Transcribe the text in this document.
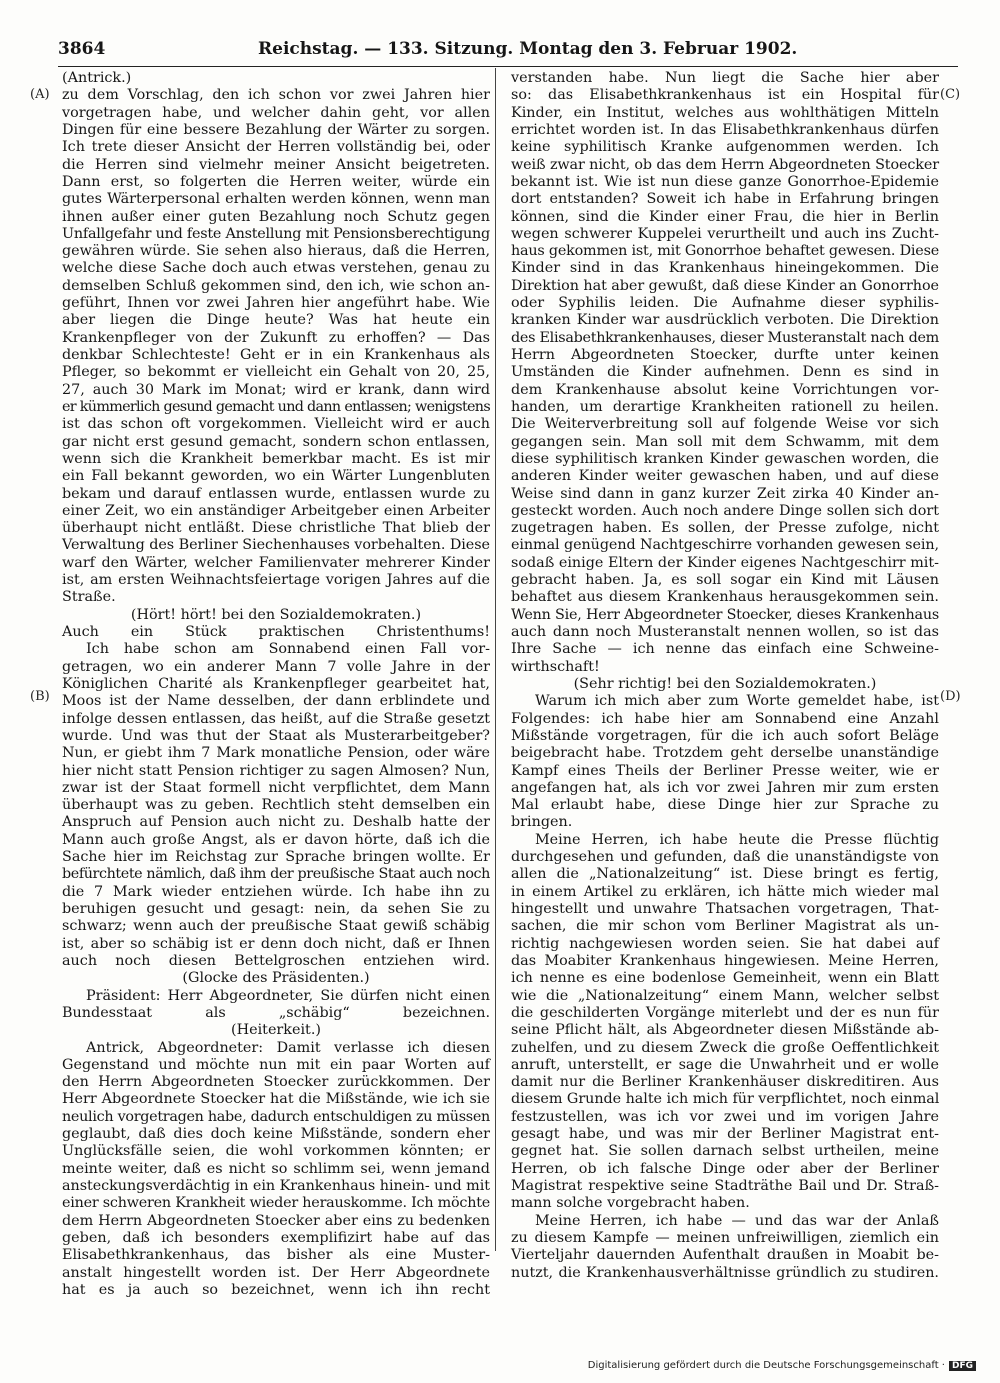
3864	Reichstag. — 133. Sitzung. Montag den 3. Februar 1902.
(A)
(B)
(C)
(D)
(Antrick.)
zu dem Vorschlag, den ich schon vor zwei Jahren hier
vorgetragen habe, und welcher dahin geht, vor allen
Dingen für eine bessere Bezahlung der Wärter zu sorgen.
Ich trete dieser Ansicht der Herren vollständig bei, oder
die Herren sind vielmehr meiner Ansicht beigetreten.
Dann erst, so folgerten die Herren weiter, würde ein
gutes Wärterpersonal erhalten werden können, wenn man
ihnen außer einer guten Bezahlung noch Schutz gegen
Unfallgefahr und feste Anstellung mit Pensionsberechtigung
gewähren würde. Sie sehen also hieraus, daß die Herren,
welche diese Sache doch auch etwas verstehen, genau zu
demselben Schluß gekommen sind, den ich, wie schon an-
geführt, Ihnen vor zwei Jahren hier angeführt habe. Wie
aber liegen die Dinge heute? Was hat heute ein
Krankenpfleger von der Zukunft zu erhoffen? — Das
denkbar Schlechteste! Geht er in ein Krankenhaus als
Pfleger, so bekommt er vielleicht ein Gehalt von 20, 25,
27, auch 30 Mark im Monat; wird er krank, dann wird
er kümmerlich gesund gemacht und dann entlassen; wenigstens
ist das schon oft vorgekommen. Vielleicht wird er auch
gar nicht erst gesund gemacht, sondern schon entlassen,
wenn sich die Krankheit bemerkbar macht. Es ist mir
ein Fall bekannt geworden, wo ein Wärter Lungenbluten
bekam und darauf entlassen wurde, entlassen wurde zu
einer Zeit, wo ein anständiger Arbeitgeber einen Arbeiter
überhaupt nicht entläßt. Diese christliche That blieb der
Verwaltung des Berliner Siechenhauses vorbehalten. Diese
warf den Wärter, welcher Familienvater mehrerer Kinder
ist, am ersten Weihnachtsfeiertage vorigen Jahres auf die
Straße.
(Hört! hört! bei den Sozialdemokraten.)
Auch ein Stück praktischen Christenthums!
Ich habe schon am Sonnabend einen Fall vor-
getragen, wo ein anderer Mann 7 volle Jahre in der
Königlichen Charité als Krankenpfleger gearbeitet hat,
Moos ist der Name desselben, der dann erblindete und
infolge dessen entlassen, das heißt, auf die Straße gesetzt
wurde. Und was thut der Staat als Musterarbeitgeber?
Nun, er giebt ihm 7 Mark monatliche Pension, oder wäre
hier nicht statt Pension richtiger zu sagen Almosen? Nun,
zwar ist der Staat formell nicht verpflichtet, dem Mann
überhaupt was zu geben. Rechtlich steht demselben ein
Anspruch auf Pension auch nicht zu. Deshalb hatte der
Mann auch große Angst, als er davon hörte, daß ich die
Sache hier im Reichstag zur Sprache bringen wollte. Er
befürchtete nämlich, daß ihm der preußische Staat auch noch
die 7 Mark wieder entziehen würde. Ich habe ihn zu
beruhigen gesucht und gesagt: nein, da sehen Sie zu
schwarz; wenn auch der preußische Staat gewiß schäbig
ist, aber so schäbig ist er denn doch nicht, daß er Ihnen
auch noch diesen Bettelgroschen entziehen wird.
(Glocke des Präsidenten.)
Präsident: Herr Abgeordneter, Sie dürfen nicht einen
Bundesstaat als „schäbig“ bezeichnen.
(Heiterkeit.)
Antrick, Abgeordneter: Damit verlasse ich diesen
Gegenstand und möchte nun mit ein paar Worten auf
den Herrn Abgeordneten Stoecker zurückkommen. Der
Herr Abgeordnete Stoecker hat die Mißstände, wie ich sie
neulich vorgetragen habe, dadurch entschuldigen zu müssen
geglaubt, daß dies doch keine Mißstände, sondern eher
Unglücksfälle seien, die wohl vorkommen könnten; er
meinte weiter, daß es nicht so schlimm sei, wenn jemand
ansteckungsverdächtig in ein Krankenhaus hinein- und mit
einer schweren Krankheit wieder herauskomme. Ich möchte
dem Herrn Abgeordneten Stoecker aber eins zu bedenken
geben, daß ich besonders exemplifizirt habe auf das
Elisabethkrankenhaus, das bisher als eine Muster-
anstalt hingestellt worden ist. Der Herr Abgeordnete
hat es ja auch so bezeichnet, wenn ich ihn recht
verstanden habe. Nun liegt die Sache hier aber
so: das Elisabethkrankenhaus ist ein Hospital für
Kinder, ein Institut, welches aus wohlthätigen Mitteln
errichtet worden ist. In das Elisabethkrankenhaus dürfen
keine syphilitisch Kranke aufgenommen werden. Ich
weiß zwar nicht, ob das dem Herrn Abgeordneten Stoecker
bekannt ist. Wie ist nun diese ganze Gonorrhoe-Epidemie
dort entstanden? Soweit ich habe in Erfahrung bringen
können, sind die Kinder einer Frau, die hier in Berlin
wegen schwerer Kuppelei verurtheilt und auch ins Zucht-
haus gekommen ist, mit Gonorrhoe behaftet gewesen. Diese
Kinder sind in das Krankenhaus hineingekommen. Die
Direktion hat aber gewußt, daß diese Kinder an Gonorrhoe
oder Syphilis leiden. Die Aufnahme dieser syphilis-
kranken Kinder war ausdrücklich verboten. Die Direktion
des Elisabethkrankenhauses, dieser Musteranstalt nach dem
Herrn Abgeordneten Stoecker, durfte unter keinen
Umständen die Kinder aufnehmen. Denn es sind in
dem Krankenhause absolut keine Vorrichtungen vor-
handen, um derartige Krankheiten rationell zu heilen.
Die Weiterverbreitung soll auf folgende Weise vor sich
gegangen sein. Man soll mit dem Schwamm, mit dem
diese syphilitisch kranken Kinder gewaschen worden, die
anderen Kinder weiter gewaschen haben, und auf diese
Weise sind dann in ganz kurzer Zeit zirka 40 Kinder an-
gesteckt worden. Auch noch andere Dinge sollen sich dort
zugetragen haben. Es sollen, der Presse zufolge, nicht
einmal genügend Nachtgeschirre vorhanden gewesen sein,
sodaß einige Eltern der Kinder eigenes Nachtgeschirr mit-
gebracht haben. Ja, es soll sogar ein Kind mit Läusen
behaftet aus diesem Krankenhaus herausgekommen sein.
Wenn Sie, Herr Abgeordneter Stoecker, dieses Krankenhaus
auch dann noch Musteranstalt nennen wollen, so ist das
Ihre Sache — ich nenne das einfach eine Schweine-
wirthschaft!
(Sehr richtig! bei den Sozialdemokraten.)
Warum ich mich aber zum Worte gemeldet habe, ist
Folgendes: ich habe hier am Sonnabend eine Anzahl
Mißstände vorgetragen, für die ich auch sofort Beläge
beigebracht habe. Trotzdem geht derselbe unanständige
Kampf eines Theils der Berliner Presse weiter, wie er
angefangen hat, als ich vor zwei Jahren mir zum ersten
Mal erlaubt habe, diese Dinge hier zur Sprache zu
bringen.
Meine Herren, ich habe heute die Presse flüchtig
durchgesehen und gefunden, daß die unanständigste von
allen die „Nationalzeitung“ ist. Diese bringt es fertig,
in einem Artikel zu erklären, ich hätte mich wieder mal
hingestellt und unwahre Thatsachen vorgetragen, That-
sachen, die mir schon vom Berliner Magistrat als un-
richtig nachgewiesen worden seien. Sie hat dabei auf
das Moabiter Krankenhaus hingewiesen. Meine Herren,
ich nenne es eine bodenlose Gemeinheit, wenn ein Blatt
wie die „Nationalzeitung“ einem Mann, welcher selbst
die geschilderten Vorgänge miterlebt und der es nun für
seine Pflicht hält, als Abgeordneter diesen Mißstände ab-
zuhelfen, und zu diesem Zweck die große Oeffentlichkeit
anruft, unterstellt, er sage die Unwahrheit und er wolle
damit nur die Berliner Krankenhäuser diskreditiren. Aus
diesem Grunde halte ich mich für verpflichtet, noch einmal
festzustellen, was ich vor zwei und im vorigen Jahre
gesagt habe, und was mir der Berliner Magistrat ent-
gegnet hat. Sie sollen darnach selbst urtheilen, meine
Herren, ob ich falsche Dinge oder aber der Berliner
Magistrat respektive seine Stadträthe Bail und Dr. Straß-
mann solche vorgebracht haben.
Meine Herren, ich habe — und das war der Anlaß
zu diesem Kampfe — meinen unfreiwilligen, ziemlich ein
Vierteljahr dauernden Aufenthalt draußen in Moabit be-
nutzt, die Krankenhausverhältnisse gründlich zu studiren.
Digitalisierung gefördert durch die Deutsche Forschungsgemeinschaft · DFG
